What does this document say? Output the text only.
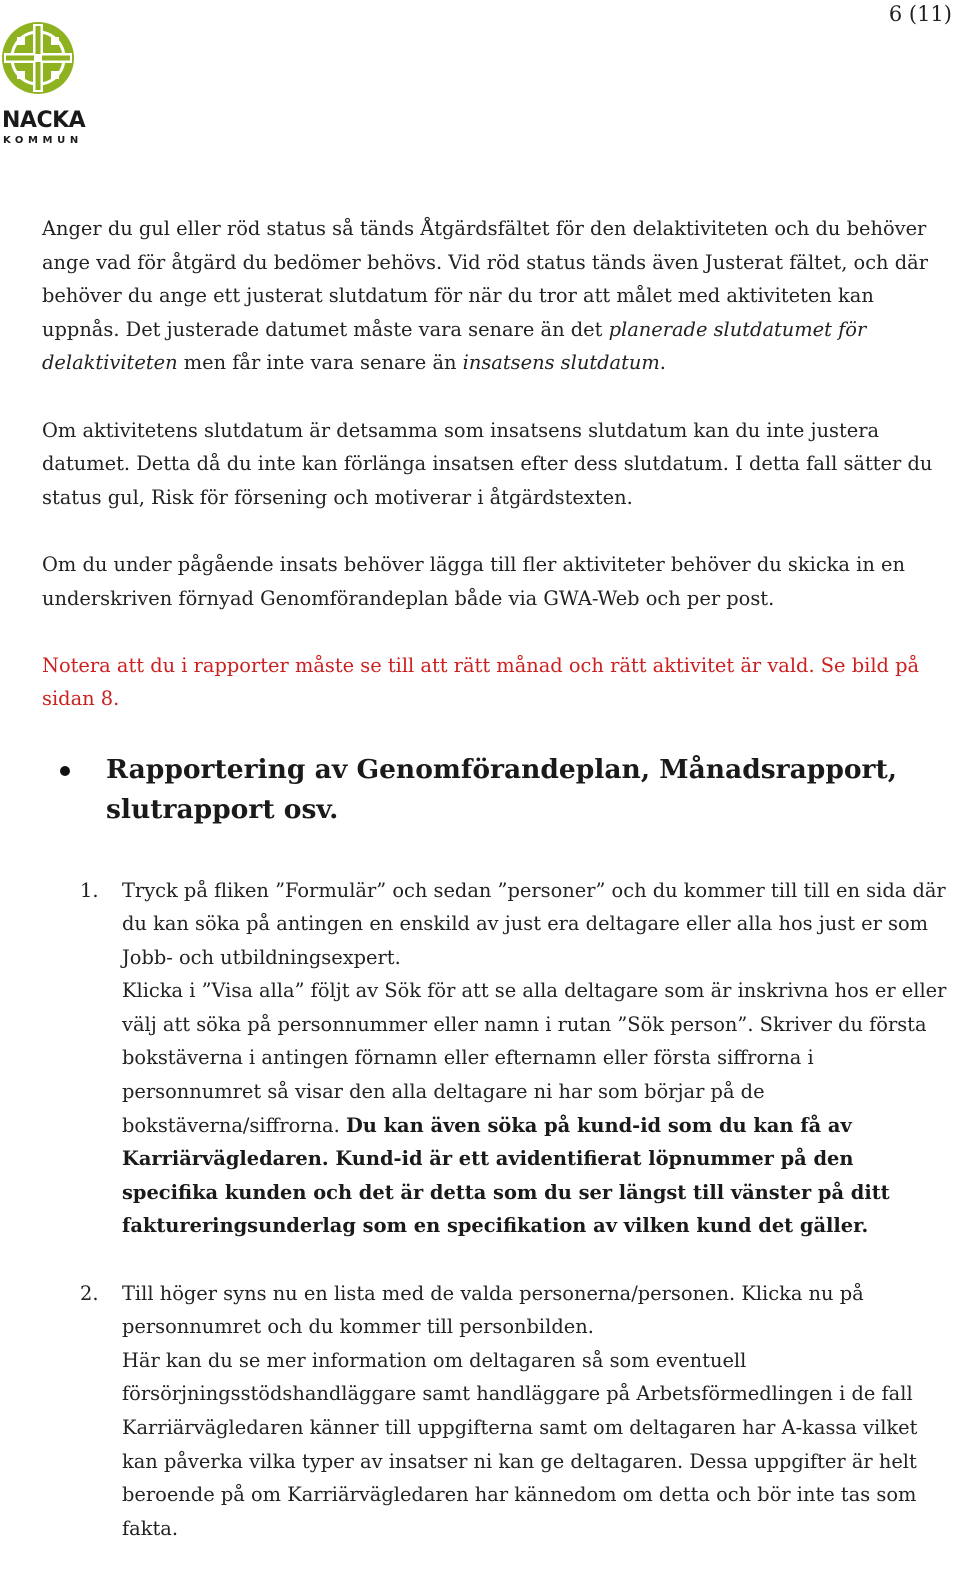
6 (11)
NACKA
KOMMUN

Anger du gul eller röd status så tänds Åtgärdsfältet för den delaktiviteten och du behöver ange vad för åtgärd du bedömer behövs. Vid röd status tänds även Justerat fältet, och där behöver du ange ett justerat slutdatum för när du tror att målet med aktiviteten kan uppnås. Det justerade datumet måste vara senare än det planerade slutdatumet för delaktiviteten men får inte vara senare än insatsens slutdatum.

Om aktivitetens slutdatum är detsamma som insatsens slutdatum kan du inte justera datumet. Detta då du inte kan förlänga insatsen efter dess slutdatum. I detta fall sätter du status gul, Risk för försening och motiverar i åtgärdstexten.

Om du under pågående insats behöver lägga till fler aktiviteter behöver du skicka in en underskriven förnyad Genomförandeplan både via GWA-Web och per post.

Notera att du i rapporter måste se till att rätt månad och rätt aktivitet är vald. Se bild på sidan 8.

Rapportering av Genomförandeplan, Månadsrapport, slutrapport osv.
1. Tryck på fliken ”Formulär” och sedan ”personer” och du kommer till till en sida där du kan söka på antingen en enskild av just era deltagare eller alla hos just er som Jobb- och utbildningsexpert.

Klicka i ”Visa alla” följt av Sök för att se alla deltagare som är inskrivna hos er eller välj att söka på personnummer eller namn i rutan ”Sök person”. Skriver du första bokstäverna i antingen förnamn eller efternamn eller första siffrorna i personnumret så visar den alla deltagare ni har som börjar på de bokstäverna/siffrorna. Du kan även söka på kund-id som du kan få av Karriärvägledaren. Kund-id är ett avidentifierat löpnummer på den specifika kunden och det är detta som du ser längst till vänster på ditt faktureringsunderlag som en specifikation av vilken kund det gäller.

2. Till höger syns nu en lista med de valda personerna/personen. Klicka nu på personnumret och du kommer till personbilden.

Här kan du se mer information om deltagaren så som eventuell försörjningsstödshandläggare samt handläggare på Arbetsförmedlingen i de fall Karriärvägledaren känner till uppgifterna samt om deltagaren har A-kassa vilket kan påverka vilka typer av insatser ni kan ge deltagaren. Dessa uppgifter är helt beroende på om Karriärvägledaren har kännedom om detta och bör inte tas som fakta.
